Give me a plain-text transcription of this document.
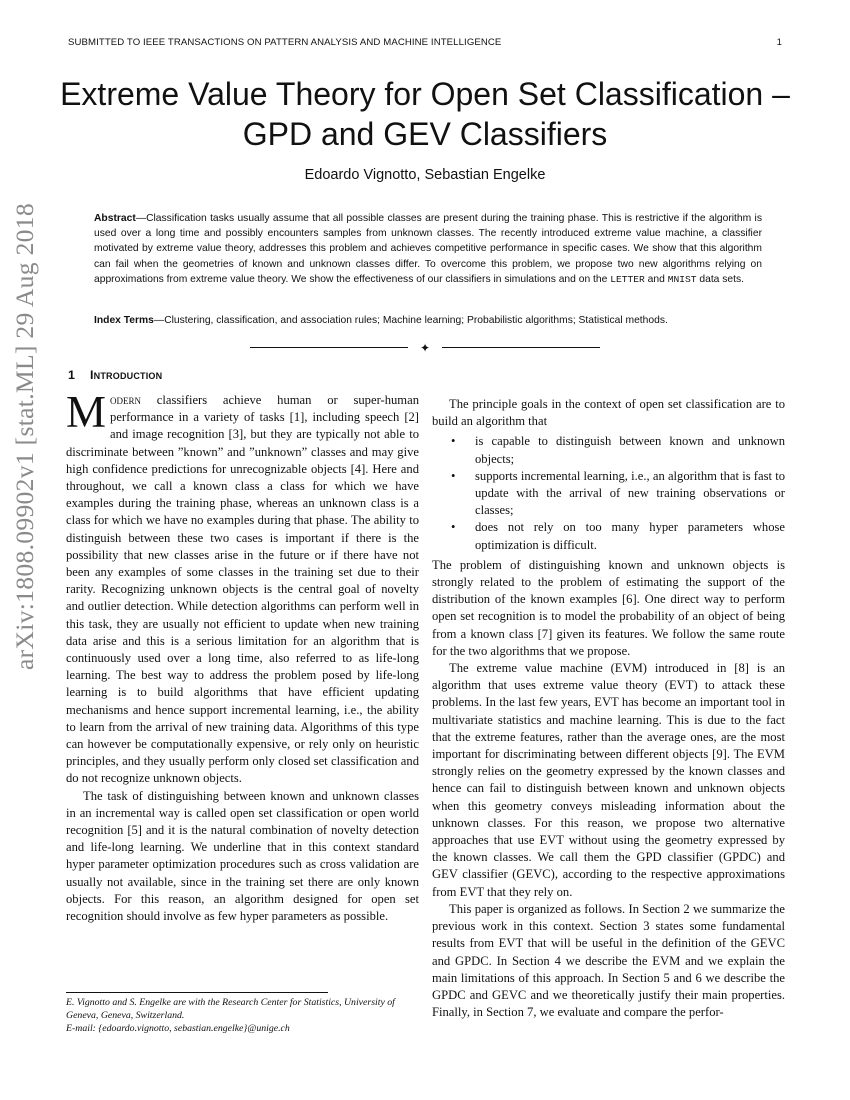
SUBMITTED TO IEEE TRANSACTIONS ON PATTERN ANALYSIS AND MACHINE INTELLIGENCE	1
arXiv:1808.09902v1 [stat.ML] 29 Aug 2018
Extreme Value Theory for Open Set Classification – GPD and GEV Classifiers
Edoardo Vignotto, Sebastian Engelke

Abstract—Classification tasks usually assume that all possible classes are present during the training phase. This is restrictive if the algorithm is used over a long time and possibly encounters samples from unknown classes. The recently introduced extreme value machine, a classifier motivated by extreme value theory, addresses this problem and achieves competitive performance in specific cases. We show that this algorithm can fail when the geometries of known and unknown classes differ. To overcome this problem, we propose two new algorithms relying on approximations from extreme value theory. We show the effectiveness of our classifiers in simulations and on the LETTER and MNIST data sets.

Index Terms—Clustering, classification, and association rules; Machine learning; Probabilistic algorithms; Statistical methods.

✦
1 Introduction

Modern classifiers achieve human or super-human performance in a variety of tasks [1], including speech [2] and image recognition [3], but they are typically not able to discriminate between ”known” and ”unknown” classes and may give high confidence predictions for unrecognizable objects [4]. Here and throughout, we call a known class a class for which we have examples during the training phase, whereas an unknown class is a class for which we have no examples during that phase. The ability to distinguish between these two cases is important if there is the possibility that new classes arise in the future or if there have not been any examples of some classes in the training set due to their rarity. Recognizing unknown objects is the central goal of novelty and outlier detection. While detection algorithms can perform well in this task, they are usually not efficient to update when new training data arise and this is a serious limitation for an algorithm that is continuously used over a long time, also referred to as life-long learning. The best way to address the problem posed by life-long learning is to build algorithms that have efficient updating mechanisms and hence support incremental learning, i.e., the ability to learn from the arrival of new training data. Algorithms of this type can however be computationally expensive, or rely only on heuristic principles, and they usually perform only closed set classification and do not recognize unknown objects.

The task of distinguishing between known and unknown classes in an incremental way is called open set classification or open world recognition [5] and it is the natural combination of novelty detection and life-long learning. We underline that in this context standard hyper parameter optimization procedures such as cross validation are usually not available, since in the training set there are only known objects. For this reason, an algorithm designed for open set recognition should involve as few hyper parameters as possible.

E. Vignotto and S. Engelke are with the Research Center for Statistics, University of Geneva, Geneva, Switzerland.

E-mail: {edoardo.vignotto, sebastian.engelke}@unige.ch

The principle goals in the context of open set classification are to build an algorithm that

• is capable to distinguish between known and unknown objects;
• supports incremental learning, i.e., an algorithm that is fast to update with the arrival of new training observations or classes;
• does not rely on too many hyper parameters whose optimization is difficult.

The problem of distinguishing known and unknown objects is strongly related to the problem of estimating the support of the distribution of the known examples [6]. One direct way to perform open set recognition is to model the probability of an object of being from a known class [7] given its features. We follow the same route for the two algorithms that we propose.

The extreme value machine (EVM) introduced in [8] is an algorithm that uses extreme value theory (EVT) to attack these problems. In the last few years, EVT has become an important tool in multivariate statistics and machine learning. This is due to the fact that the extreme features, rather than the average ones, are the most important for discriminating between different objects [9]. The EVM strongly relies on the geometry expressed by the known classes and hence can fail to distinguish between known and unknown objects when this geometry conveys misleading information about the unknown classes. For this reason, we propose two alternative approaches that use EVT without using the geometry expressed by the known classes. We call them the GPD classifier (GPDC) and GEV classifier (GEVC), according to the respective approximations from EVT that they rely on.

This paper is organized as follows. In Section 2 we summarize the previous work in this context. Section 3 states some fundamental results from EVT that will be useful in the definition of the GEVC and GPDC. In Section 4 we describe the EVM and we explain the main limitations of this approach. In Section 5 and 6 we describe the GPDC and GEVC and we theoretically justify their main properties. Finally, in Section 7, we evaluate and compare the perfor-
